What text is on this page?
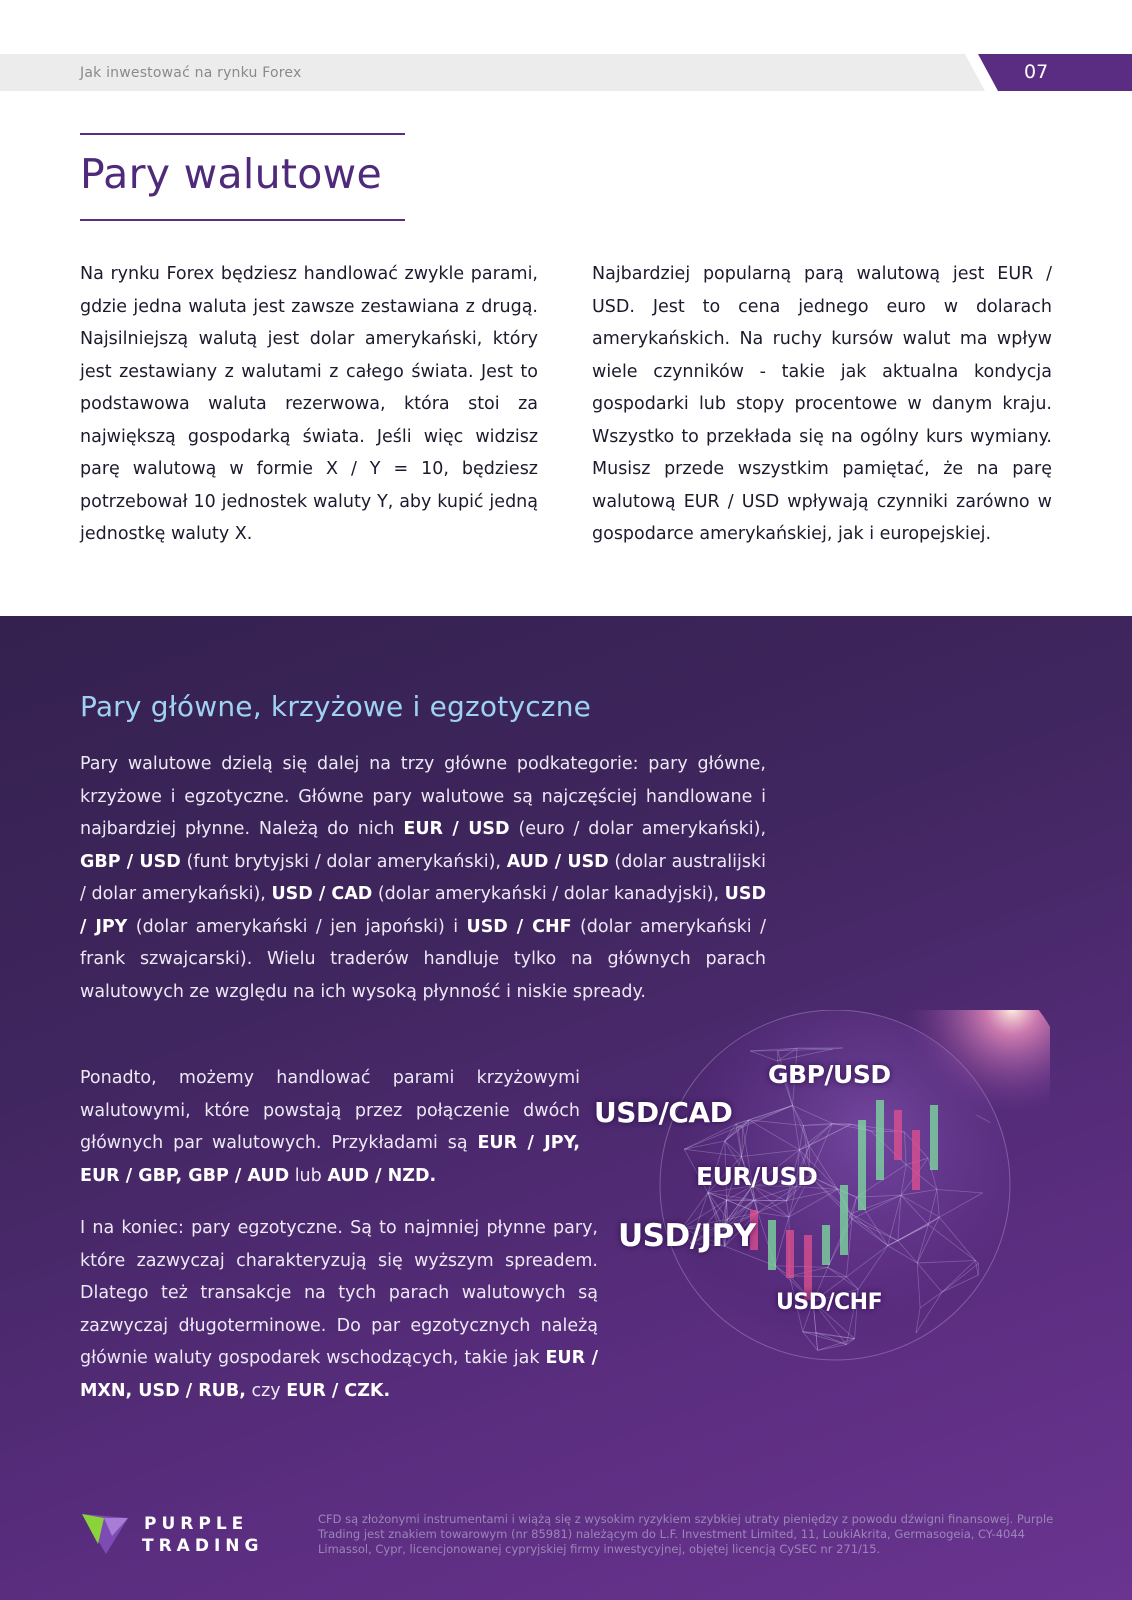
Jak inwestować na rynku Forex	07
Pary walutowe

Na rynku Forex będziesz handlować zwykle parami, gdzie jedna waluta jest zawsze zestawiana z drugą. Najsilniejszą walutą jest dolar amerykański, który jest zestawiany z walutami z całego świata. Jest to podstawowa waluta rezerwowa, która stoi za największą gospodarką świata. Jeśli więc widzisz parę walutową w formie X / Y = 10, będziesz potrzebował 10 jednostek waluty Y, aby kupić jedną jednostkę waluty X.

Najbardziej popularną parą walutową jest EUR / USD. Jest to cena jednego euro w dolarach amerykańskich. Na ruchy kursów walut ma wpływ wiele czynników - takie jak aktualna kondycja gospodarki lub stopy procentowe w danym kraju. Wszystko to przekłada się na ogólny kurs wymiany. Musisz przede wszystkim pamiętać, że na parę walutową EUR / USD wpływają czynniki zarówno w gospodarce amerykańskiej, jak i europejskiej.

Pary główne, krzyżowe i egzotyczne

Pary walutowe dzielą się dalej na trzy główne podkategorie: pary główne, krzyżowe i egzotyczne. Główne pary walutowe są najczęściej handlowane i najbardziej płynne. Należą do nich EUR / USD (euro / dolar amerykański), GBP / USD (funt brytyjski / dolar amerykański), AUD / USD (dolar australijski / dolar amerykański), USD / CAD (dolar amerykański / dolar kanadyjski), USD / JPY (dolar amerykański / jen japoński) i USD / CHF (dolar amerykański / frank szwajcarski). Wielu traderów handluje tylko na głównych parach walutowych ze względu na ich wysoką płynność i niskie spready.

GBP/USD
USD/CAD
EUR/USD
USD/JPY
USD/CHF

Ponadto, możemy handlować parami krzyżowymi walutowymi, które powstają przez połączenie dwóch głównych par walutowych. Przykładami są EUR / JPY, EUR / GBP, GBP / AUD lub AUD / NZD.

I na koniec: pary egzotyczne. Są to najmniej płynne pary, które zazwyczaj charakteryzują się wyższym spreadem. Dlatego też transakcje na tych parach walutowych są zazwyczaj długoterminowe. Do par egzotycznych należą głównie waluty gospodarek wschodzących, takie jak EUR / MXN, USD / RUB, czy EUR / CZK.

PURPLE
TRADING

CFD są złożonymi instrumentami i wiążą się z wysokim ryzykiem szybkiej utraty pieniędzy z powodu dźwigni finansowej. Purple Trading jest znakiem towarowym (nr 85981) należącym do L.F. Investment Limited, 11, LoukiAkrita, Germasogeia, CY-4044 Limassol, Cypr, licencjonowanej cypryjskiej firmy inwestycyjnej, objętej licencją CySEC nr 271/15.
